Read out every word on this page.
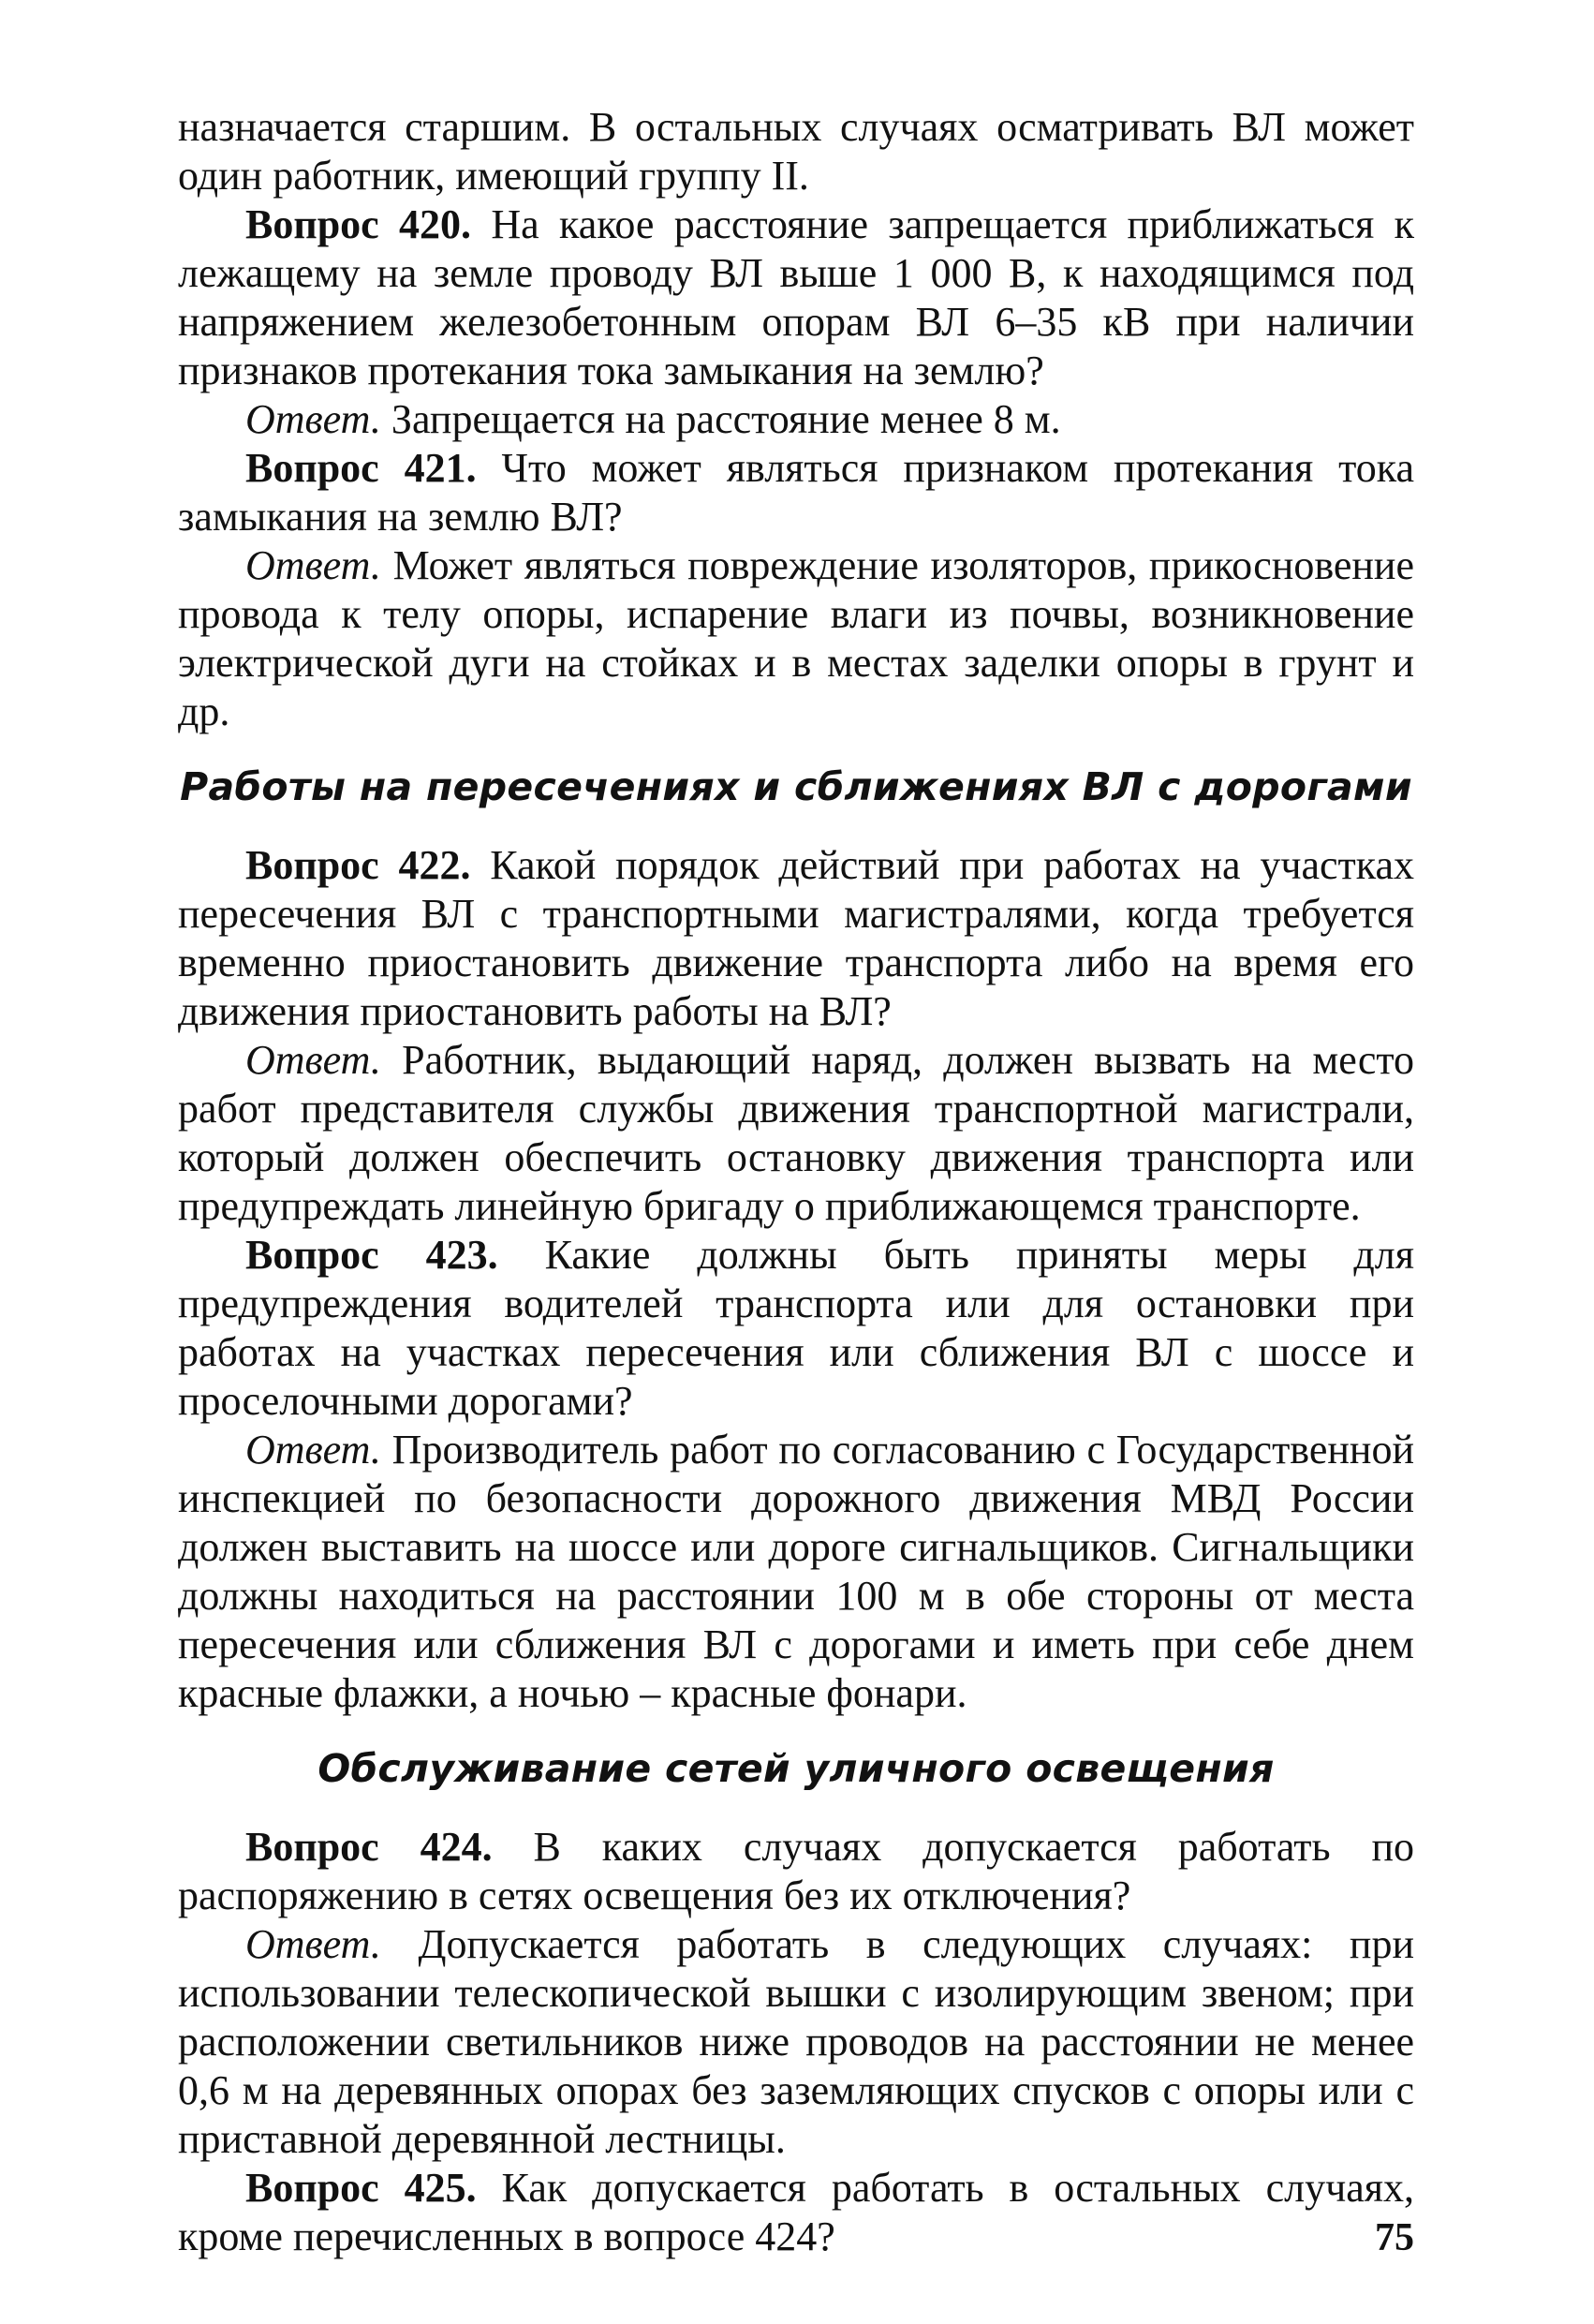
назначается старшим. В остальных случаях осматривать ВЛ может один работник, имеющий группу II.

Вопрос 420. На какое расстояние запрещается приближаться к лежащему на земле проводу ВЛ выше 1 000 В, к находящимся под напряжением железобетонным опорам ВЛ 6–35 кВ при наличии признаков протекания тока замыкания на землю?

Ответ. Запрещается на расстояние менее 8 м.

Вопрос 421. Что может являться признаком протекания тока замыкания на землю ВЛ?

Ответ. Может являться повреждение изоляторов, прикосновение провода к телу опоры, испарение влаги из почвы, возникновение электрической дуги на стойках и в местах заделки опоры в грунт и др.

Работы на пересечениях и сближениях ВЛ с дорогами

Вопрос 422. Какой порядок действий при работах на участках пересечения ВЛ с транспортными магистралями, когда требуется временно приостановить движение транспорта либо на время его движения приостановить работы на ВЛ?

Ответ. Работник, выдающий наряд, должен вызвать на место работ представителя службы движения транспортной магистрали, который должен обеспечить остановку движения транспорта или предупреждать линейную бригаду о приближающемся транспорте.

Вопрос 423. Какие должны быть приняты меры для предупреждения водителей транспорта или для остановки при работах на участках пересечения или сближения ВЛ с шоссе и проселочными дорогами?

Ответ. Производитель работ по согласованию с Государственной инспекцией по безопасности дорожного движения МВД России должен выставить на шоссе или дороге сигнальщиков. Сигнальщики должны находиться на расстоянии 100 м в обе стороны от места пересечения или сближения ВЛ с дорогами и иметь при себе днем красные флажки, а ночью – красные фонари.

Обслуживание сетей уличного освещения

Вопрос 424. В каких случаях допускается работать по распоряжению в сетях освещения без их отключения?

Ответ. Допускается работать в следующих случаях: при использовании телескопической вышки с изолирующим звеном; при расположении светильников ниже проводов на расстоянии не менее 0,6 м на деревянных опорах без заземляющих спусков с опоры или с приставной деревянной лестницы.

Вопрос 425. Как допускается работать в остальных случаях, кроме перечисленных в вопросе 424?	75
